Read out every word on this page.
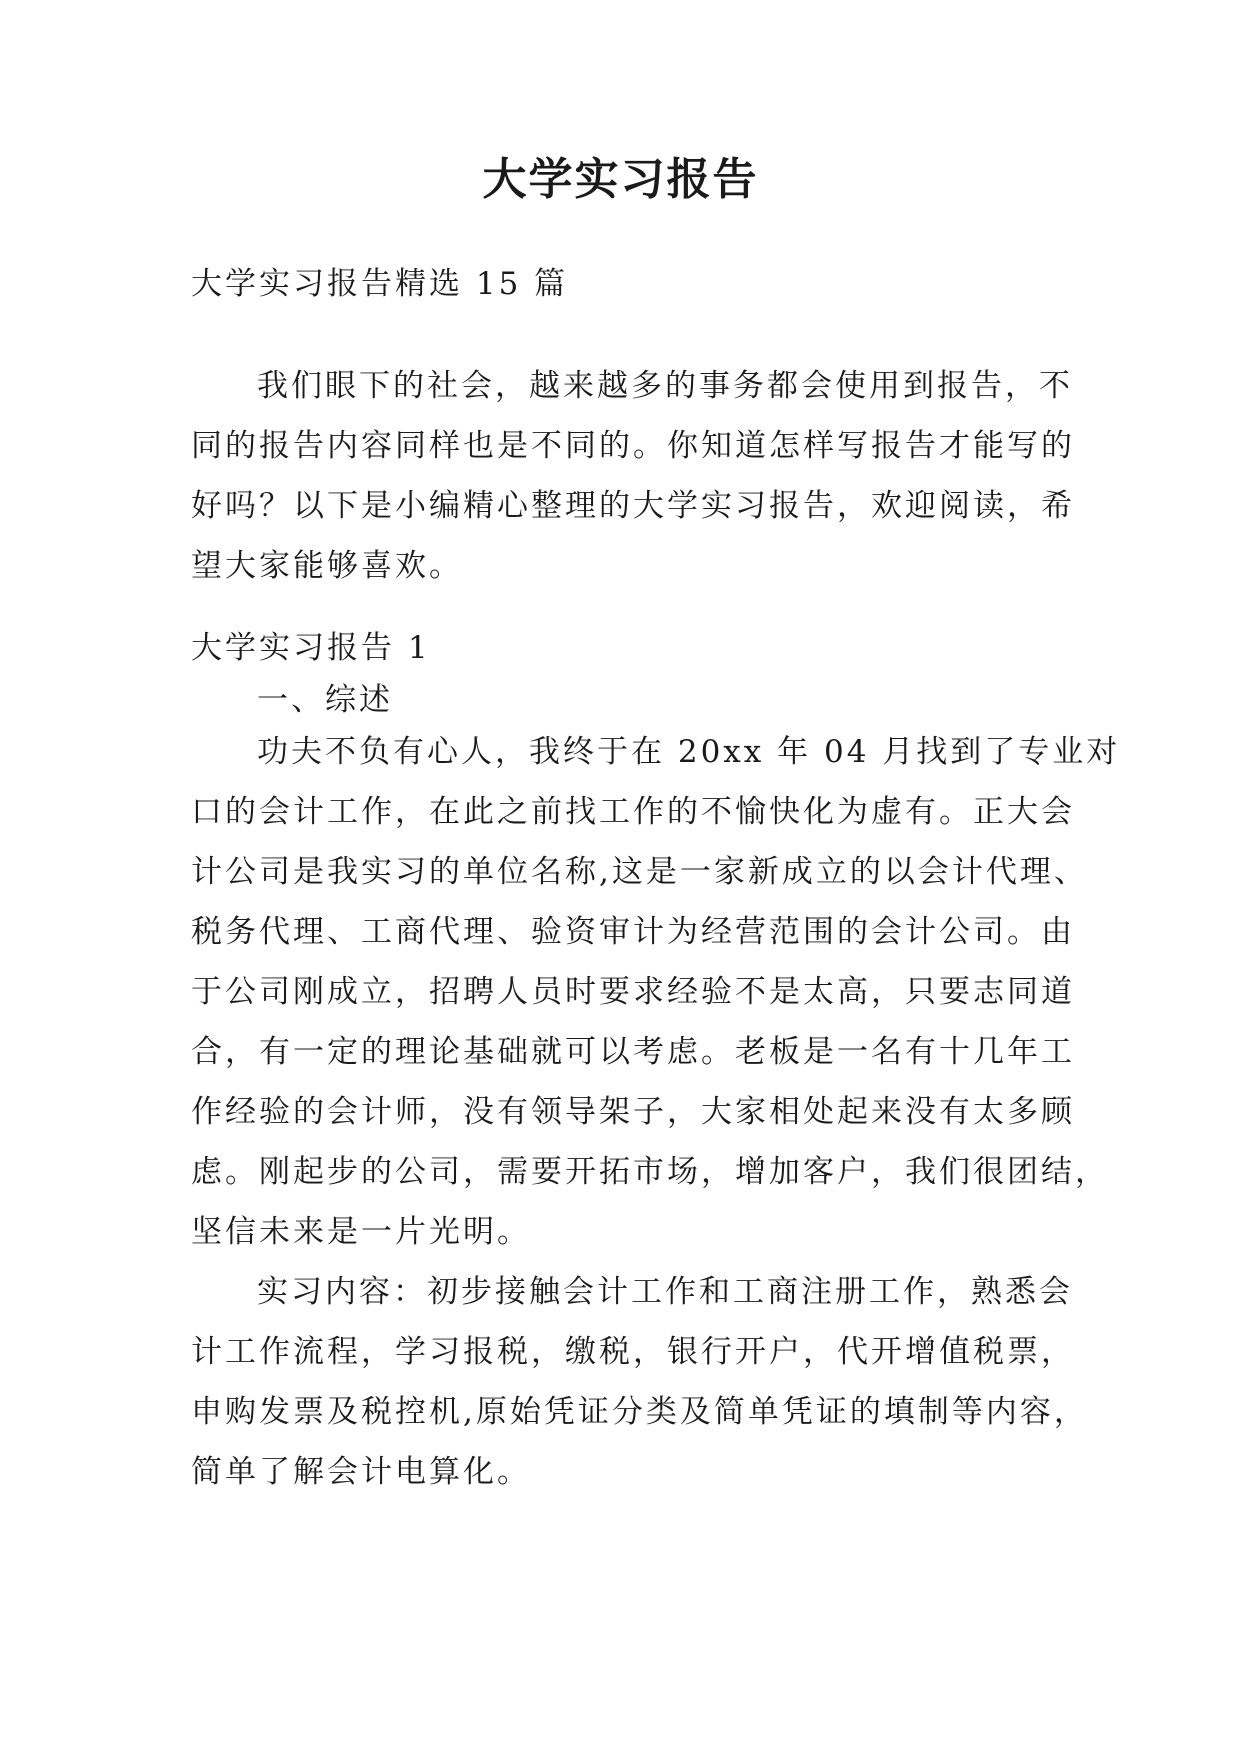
大学实习报告

大学实习报告精选 15 篇

我们眼下的社会，越来越多的事务都会使用到报告，不
同的报告内容同样也是不同的。你知道怎样写报告才能写的
好吗？以下是小编精心整理的大学实习报告，欢迎阅读，希
望大家能够喜欢。

大学实习报告 1

一、综述

功夫不负有心人，我终于在 20xx 年 04 月找到了专业对
口的会计工作，在此之前找工作的不愉快化为虚有。正大会
计公司是我实习的单位名称,这是一家新成立的以会计代理、
税务代理、工商代理、验资审计为经营范围的会计公司。由
于公司刚成立，招聘人员时要求经验不是太高，只要志同道
合，有一定的理论基础就可以考虑。老板是一名有十几年工
作经验的会计师，没有领导架子，大家相处起来没有太多顾
虑。刚起步的公司，需要开拓市场，增加客户，我们很团结，
坚信未来是一片光明。

实习内容：初步接触会计工作和工商注册工作，熟悉会
计工作流程，学习报税，缴税，银行开户，代开增值税票，
申购发票及税控机,原始凭证分类及简单凭证的填制等内容，
简单了解会计电算化。
